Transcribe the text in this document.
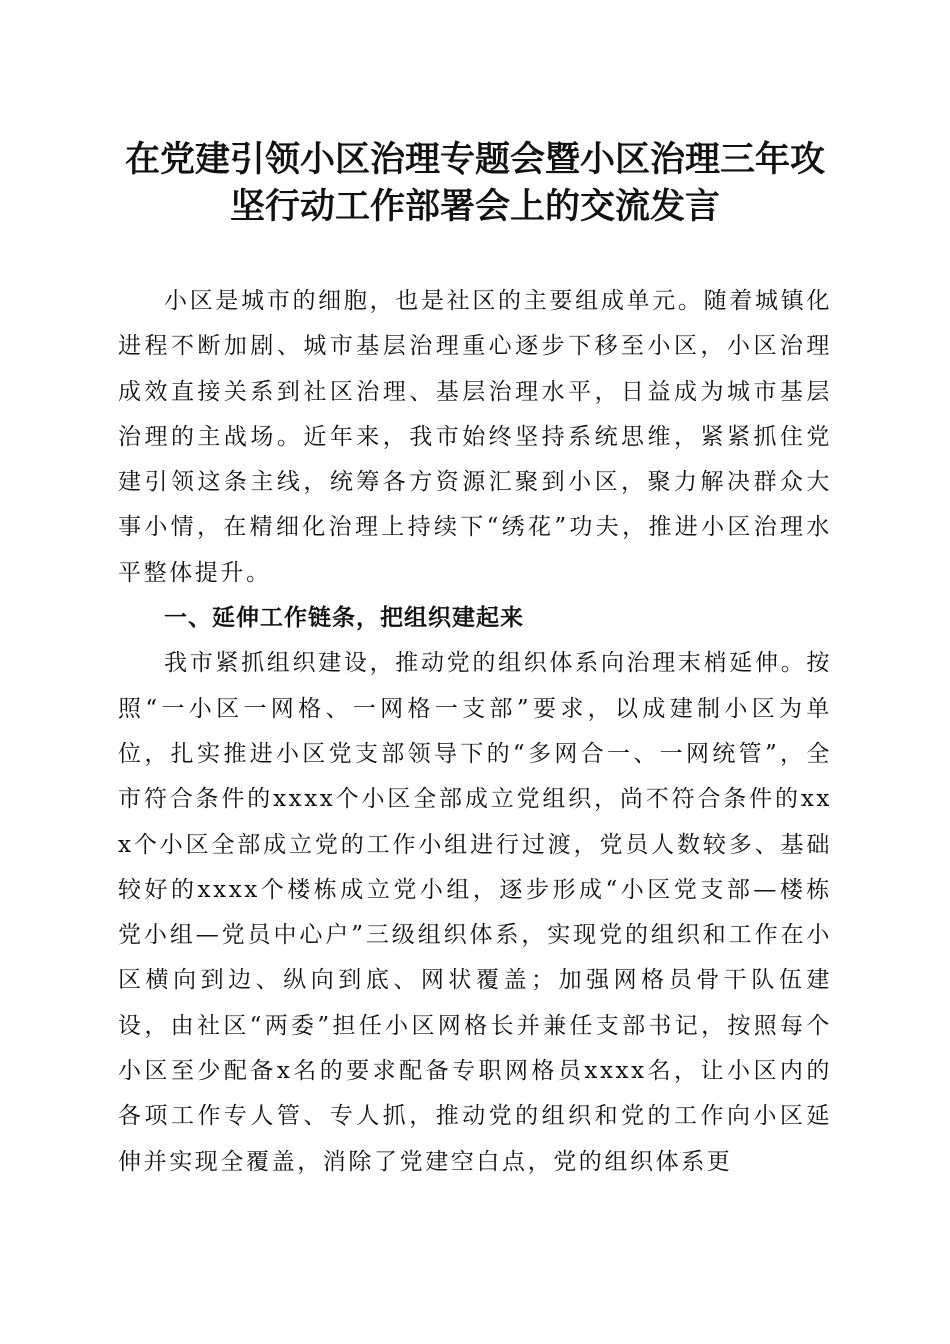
在党建引领小区治理专题会暨小区治理三年攻
坚行动工作部署会上的交流发言

小区是城市的细胞，也是社区的主要组成单元。随着城镇化进程不断加剧、城市基层治理重心逐步下移至小区，小区治理成效直接关系到社区治理、基层治理水平，日益成为城市基层治理的主战场。近年来，我市始终坚持系统思维，紧紧抓住党建引领这条主线，统筹各方资源汇聚到小区，聚力解决群众大事小情，在精细化治理上持续下“绣花”功夫，推进小区治理水平整体提升。

一、延伸工作链条，把组织建起来

我市紧抓组织建设，推动党的组织体系向治理末梢延伸。按照“一小区一网格、一网格一支部”要求，以成建制小区为单位，扎实推进小区党支部领导下的“多网合一、一网统管”，全市符合条件的xxxx个小区全部成立党组织，尚不符合条件的xxx个小区全部成立党的工作小组进行过渡，党员人数较多、基础较好的xxxx个楼栋成立党小组，逐步形成“小区党支部—楼栋党小组—党员中心户”三级组织体系，实现党的组织和工作在小区横向到边、纵向到底、网状覆盖；加强网格员骨干队伍建设，由社区“两委”担任小区网格长并兼任支部书记，按照每个小区至少配备x名的要求配备专职网格员xxxx名，让小区内的各项工作专人管、专人抓，推动党的组织和党的工作向小区延伸并实现全覆盖，消除了党建空白点，党的组织体系更
